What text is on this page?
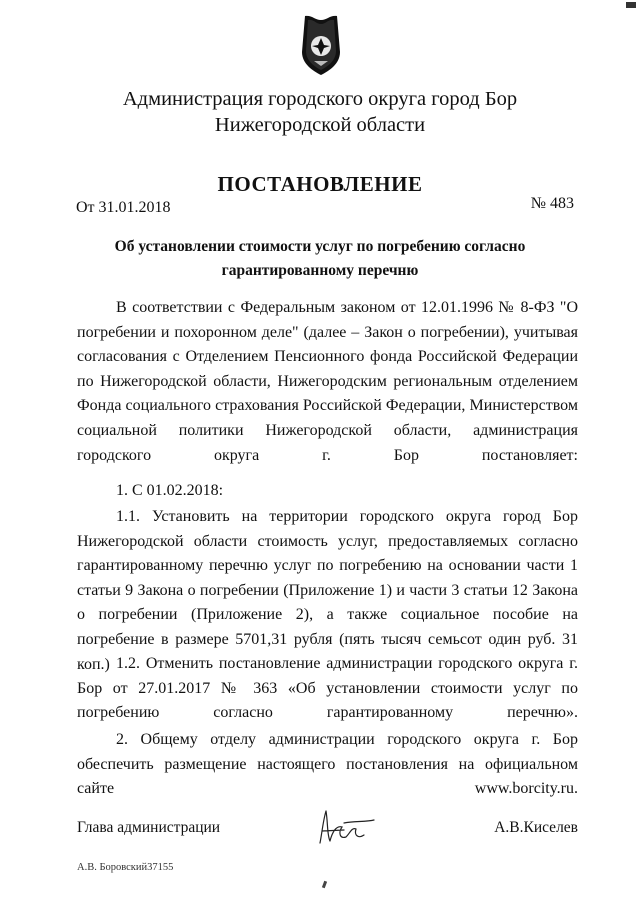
Администрация городского округа город Бор
Нижегородской области
ПОСТАНОВЛЕНИЕ
От 31.01.2018	№ 483
Об установлении стоимости услуг по погребению согласно
гарантированному перечню
В соответствии с Федеральным законом от 12.01.1996 № 8-ФЗ "О погребении и похоронном деле" (далее – Закон о погребении), учитывая согласования с Отделением Пенсионного фонда Российской Федерации по Нижегородской области, Нижегородским региональным отделением Фонда социального страхования Российской Федерации, Министерством социальной политики Нижегородской области, администрация городского округа г. Бор постановляет:
1. С 01.02.2018:
1.1. Установить на территории городского округа город Бор Нижегородской области стоимость услуг, предоставляемых согласно гарантированному перечню услуг по погребению на основании части 1 статьи 9 Закона о погребении (Приложение 1) и части 3 статьи 12 Закона о погребении (Приложение 2), а также социальное пособие на погребение в размере 5701,31 рубля (пять тысяч семьсот один руб. 31 коп.) 1.2. Отменить постановление администрации городского округа г. Бор от 27.01.2017 № 363 «Об установлении стоимости услуг по погребению согласно гарантированному перечню».
2. Общему отделу администрации городского округа г. Бор обеспечить размещение настоящего постановления на официальном сайте www.borcity.ru.
Глава администрации	А.В.Киселев
А.В. Боровский37155
